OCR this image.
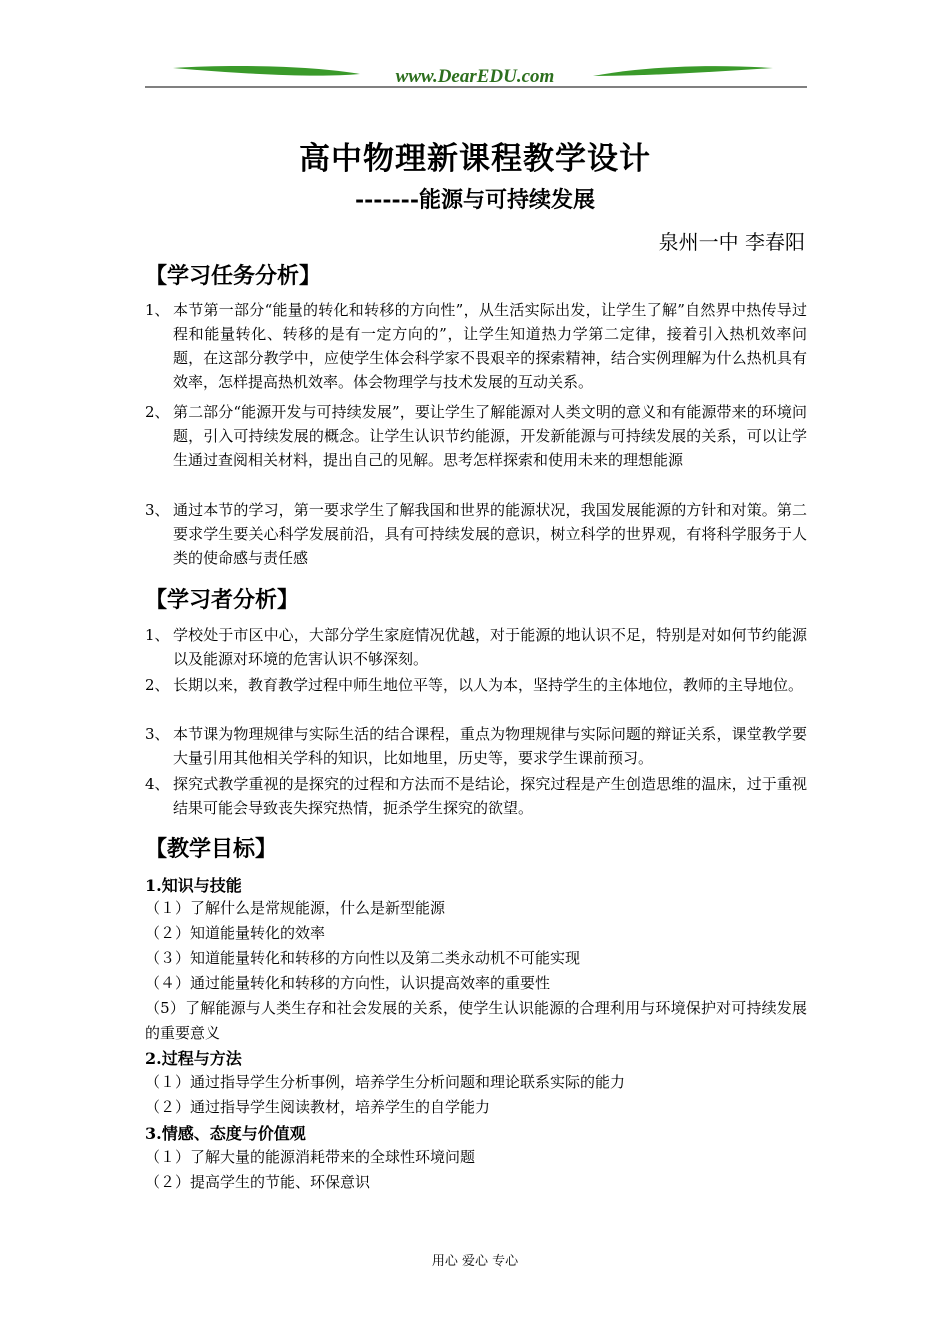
www.DearEDU.com
高中物理新课程教学设计
-------能源与可持续发展
泉州一中 李春阳
【学习任务分析】
1、 本节第一部分“能量的转化和转移的方向性”，从生活实际出发，让学生了解”自然界中热传导过程和能量转化、转移的是有一定方向的”，让学生知道热力学第二定律，接着引入热机效率问题，在这部分教学中，应使学生体会科学家不畏艰辛的探索精神，结合实例理解为什么热机具有效率，怎样提高热机效率。体会物理学与技术发展的互动关系。
2、 第二部分“能源开发与可持续发展”，要让学生了解能源对人类文明的意义和有能源带来的环境问题，引入可持续发展的概念。让学生认识节约能源，开发新能源与可持续发展的关系，可以让学生通过查阅相关材料，提出自己的见解。思考怎样探索和使用未来的理想能源
3、 通过本节的学习，第一要求学生了解我国和世界的能源状况，我国发展能源的方针和对策。第二要求学生要关心科学发展前沿，具有可持续发展的意识，树立科学的世界观，有将科学服务于人类的使命感与责任感
【学习者分析】
1、 学校处于市区中心，大部分学生家庭情况优越，对于能源的地认识不足，特别是对如何节约能源以及能源对环境的危害认识不够深刻。
2、 长期以来，教育教学过程中师生地位平等，以人为本，坚持学生的主体地位，教师的主导地位。
3、 本节课为物理规律与实际生活的结合课程，重点为物理规律与实际问题的辩证关系，课堂教学要大量引用其他相关学科的知识，比如地里，历史等，要求学生课前预习。
4、 探究式教学重视的是探究的过程和方法而不是结论，探究过程是产生创造思维的温床，过于重视结果可能会导致丧失探究热情，扼杀学生探究的欲望。
【教学目标】
1.知识与技能
（１）了解什么是常规能源，什么是新型能源
（２）知道能量转化的效率
（３）知道能量转化和转移的方向性以及第二类永动机不可能实现
（４）通过能量转化和转移的方向性，认识提高效率的重要性
（5）了解能源与人类生存和社会发展的关系，使学生认识能源的合理利用与环境保护对可持续发展的重要意义
2.过程与方法
（１）通过指导学生分析事例，培养学生分析问题和理论联系实际的能力
（２）通过指导学生阅读教材，培养学生的自学能力
3.情感、态度与价值观
（１）了解大量的能源消耗带来的全球性环境问题
（２）提高学生的节能、环保意识
用心 爱心 专心
